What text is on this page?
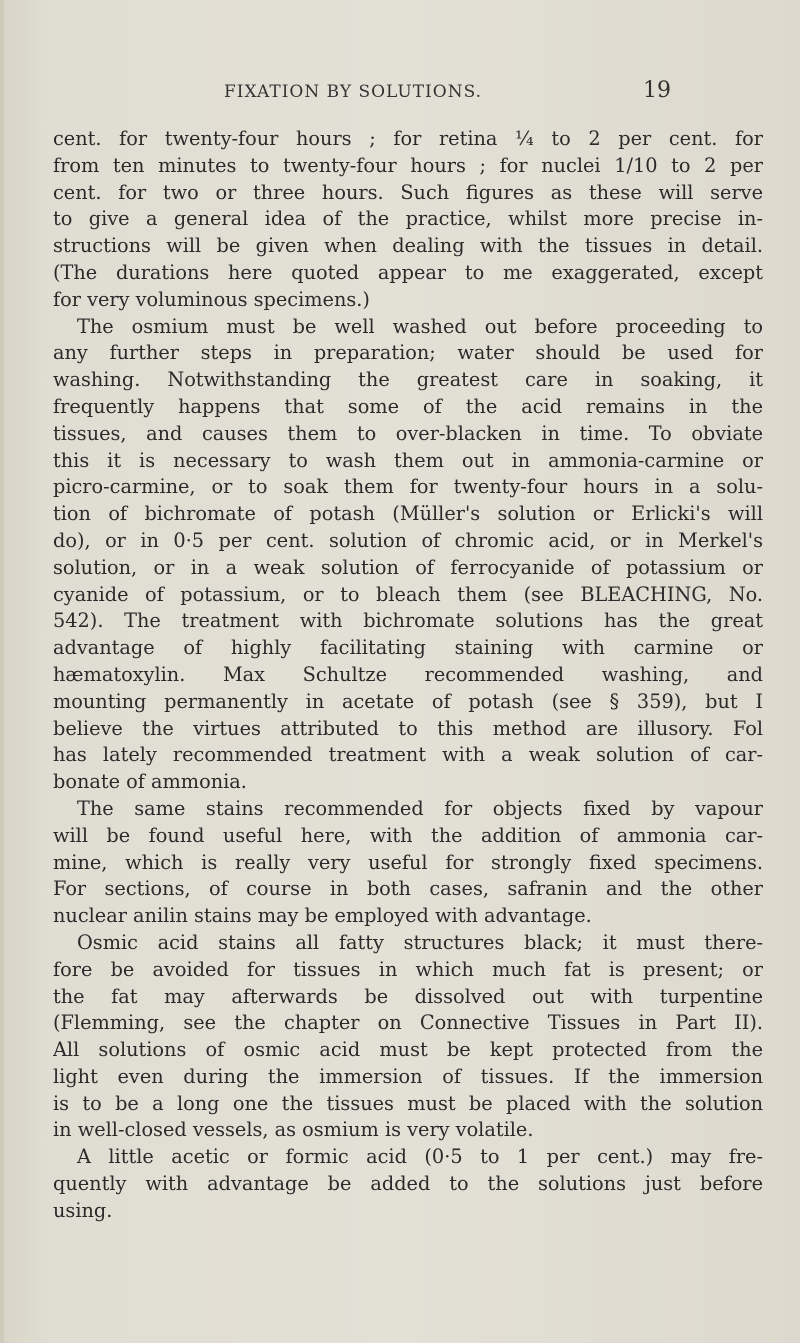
FIXATION BY SOLUTIONS.	19
cent. for twenty-four hours ; for retina ¼ to 2 per cent. for
from ten minutes to twenty-four hours ; for nuclei 1/10 to 2 per
cent. for two or three hours. Such figures as these will serve
to give a general idea of the practice, whilst more precise in-
structions will be given when dealing with the tissues in detail.
(The durations here quoted appear to me exaggerated, except
for very voluminous specimens.)
The osmium must be well washed out before proceeding to
any further steps in preparation; water should be used for
washing. Notwithstanding the greatest care in soaking, it
frequently happens that some of the acid remains in the
tissues, and causes them to over-blacken in time. To obviate
this it is necessary to wash them out in ammonia-carmine or
picro-carmine, or to soak them for twenty-four hours in a solu-
tion of bichromate of potash (Müller's solution or Erlicki's will
do), or in 0·5 per cent. solution of chromic acid, or in Merkel's
solution, or in a weak solution of ferrocyanide of potassium or
cyanide of potassium, or to bleach them (see BLEACHING, No.
542). The treatment with bichromate solutions has the great
advantage of highly facilitating staining with carmine or
hæmatoxylin. Max Schultze recommended washing, and
mounting permanently in acetate of potash (see § 359), but I
believe the virtues attributed to this method are illusory. Fol
has lately recommended treatment with a weak solution of car-
bonate of ammonia.
The same stains recommended for objects fixed by vapour
will be found useful here, with the addition of ammonia car-
mine, which is really very useful for strongly fixed specimens.
For sections, of course in both cases, safranin and the other
nuclear anilin stains may be employed with advantage.
Osmic acid stains all fatty structures black; it must there-
fore be avoided for tissues in which much fat is present; or
the fat may afterwards be dissolved out with turpentine
(Flemming, see the chapter on Connective Tissues in Part II).
All solutions of osmic acid must be kept protected from the
light even during the immersion of tissues. If the immersion
is to be a long one the tissues must be placed with the solution
in well-closed vessels, as osmium is very volatile.
A little acetic or formic acid (0·5 to 1 per cent.) may fre-
quently with advantage be added to the solutions just before
using.
